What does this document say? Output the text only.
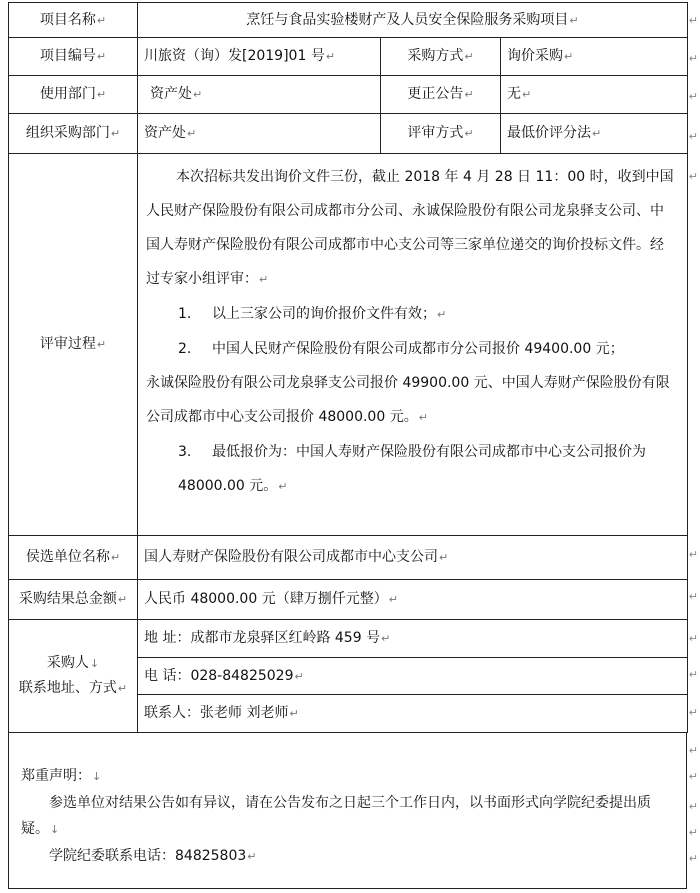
项目名称↵	烹饪与食品实验楼财产及人员安全保险服务采购项目↵		
项目编号↵	川旅资（询）发[2019]01 号↵	采购方式↵	询价采购↵
使用部门↵	资产处↵	更正公告↵	无↵
组织采购部门↵	资产处↵	评审方式↵	最低价评分法↵
评审过程↵	本次招标共发出询价文件三份，截止 2018 年 4 月 28 日 11：00 时，收到中国人民财产保险股份有限公司成都市分公司、永诚保险股份有限公司龙泉驿支公司、中国人寿财产保险股份有限公司成都市中心支公司等三家单位递交的询价投标文件。经过专家小组评审：↵

1. 以上三家公司的询价报价文件有效；↵

2. 中国人民财产保险股份有限公司成都市分公司报价 49400.00 元；

永诚保险股份有限公司龙泉驿支公司报价 49900.00 元、中国人寿财产保险股份有限公司成都市中心支公司报价 48000.00 元。↵

3. 最低报价为：中国人寿财产保险股份有限公司成都市中心支公司报价为 48000.00 元。↵		

侯选单位名称↵	国人寿财产保险股份有限公司成都市中心支公司↵		
采购结果总金额↵	人民币 48000.00 元（肆万捌仟元整）↵		

采购人↓
联系地址、方式↵	地 址：成都市龙泉驿区红岭路 459 号↵		
	电 话：028-84825029↵		
	联系人：张老师 刘老师↵		

郑重声明：↓

参选单位对结果公告如有异议，请在公告发布之日起三个工作日内，以书面形式向学院纪委提出质疑。↓

学院纪委联系电话：84825803↵

↵
↵
↵
↵
↵
↵
↵
↵
↵
↵
↵
↵
↵
↵
↵
